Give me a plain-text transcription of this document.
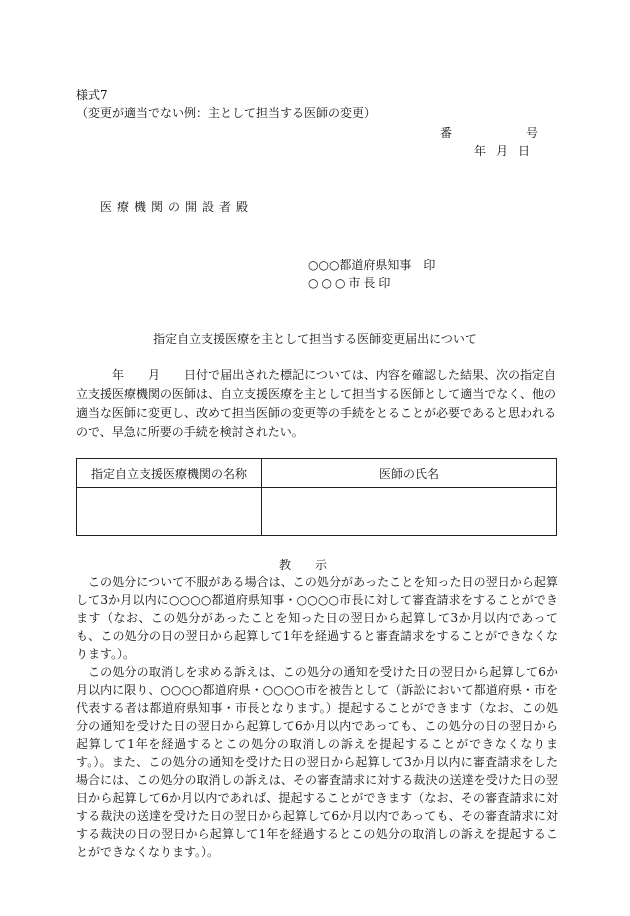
様式7
（変更が適当でない例：主として担当する医師の変更）
番号
年月日
医療機関の開設者殿
○○○都道府県知事　印
○○○市長印
指定自立支援医療を主として担当する医師変更届出について

　　年　　月　　日付で届出された標記については、内容を確認した結果、次の指定自立支援医療機関の医師は、自立支援医療を主として担当する医師として適当でなく、他の適当な医師に変更し、改めて担当医師の変更等の手続をとることが必要であると思われるので、早急に所要の手続を検討されたい。

指定自立支援医療機関の名称	医師の氏名

教示

この処分について不服がある場合は、この処分があったことを知った日の翌日から起算して3か月以内に○○○○都道府県知事・○○○○市長に対して審査請求をすることができます（なお、この処分があったことを知った日の翌日から起算して3か月以内であっても、この処分の日の翌日から起算して1年を経過すると審査請求をすることができなくなります。）。

この処分の取消しを求める訴えは、この処分の通知を受けた日の翌日から起算して6か月以内に限り、○○○○都道府県・○○○○市を被告として（訴訟において都道府県・市を代表する者は都道府県知事・市長となります。）提起することができます（なお、この処分の通知を受けた日の翌日から起算して6か月以内であっても、この処分の日の翌日から起算して1年を経過するとこの処分の取消しの訴えを提起することができなくなります。）。また、この処分の通知を受けた日の翌日から起算して3か月以内に審査請求をした場合には、この処分の取消しの訴えは、その審査請求に対する裁決の送達を受けた日の翌日から起算して6か月以内であれば、提起することができます（なお、その審査請求に対する裁決の送達を受けた日の翌日から起算して6か月以内であっても、その審査請求に対する裁決の日の翌日から起算して1年を経過するとこの処分の取消しの訴えを提起することができなくなります。）。
